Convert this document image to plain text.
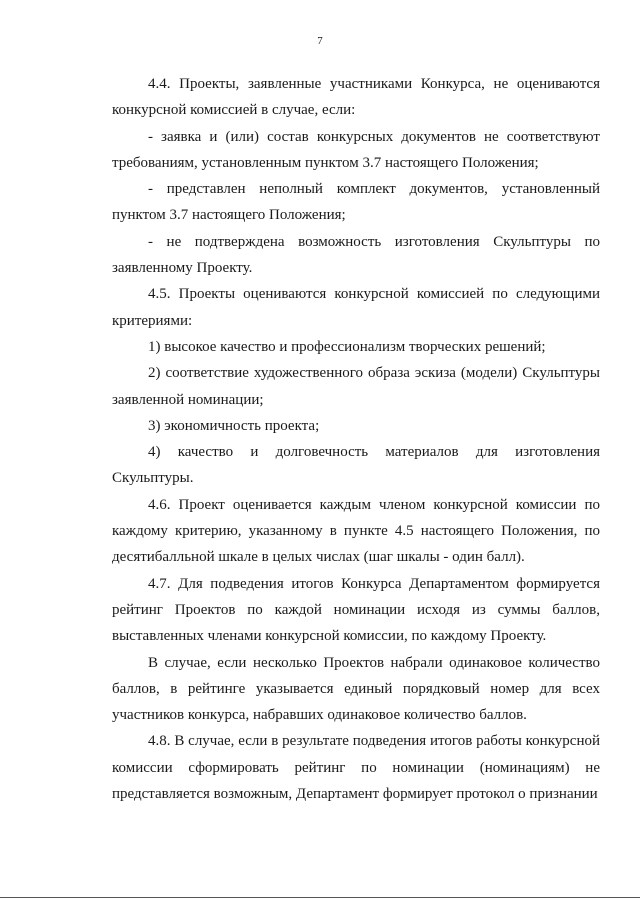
7

4.4. Проекты, заявленные участниками Конкурса, не оцениваются конкурсной комиссией в случае, если:

- заявка и (или) состав конкурсных документов не соответствуют требованиям, установленным пунктом 3.7 настоящего Положения;

- представлен неполный комплект документов, установленный пунктом 3.7 настоящего Положения;

- не подтверждена возможность изготовления Скульптуры по заявленному Проекту.

4.5. Проекты оцениваются конкурсной комиссией по следующими критериями:

1) высокое качество и профессионализм творческих решений;

2) соответствие художественного образа эскиза (модели) Скульптуры заявленной номинации;

3) экономичность проекта;

4) качество и долговечность материалов для изготовления Скульптуры.

4.6. Проект оценивается каждым членом конкурсной комиссии по каждому критерию, указанному в пункте 4.5 настоящего Положения, по десятибалльной шкале в целых числах (шаг шкалы - один балл).

4.7. Для подведения итогов Конкурса Департаментом формируется рейтинг Проектов по каждой номинации исходя из суммы баллов, выставленных членами конкурсной комиссии, по каждому Проекту.

В случае, если несколько Проектов набрали одинаковое количество баллов, в рейтинге указывается единый порядковый номер для всех участников конкурса, набравших одинаковое количество баллов.

4.8. В случае, если в результате подведения итогов работы конкурсной комиссии сформировать рейтинг по номинации (номинациям) не представляется возможным, Департамент формирует протокол о признании
